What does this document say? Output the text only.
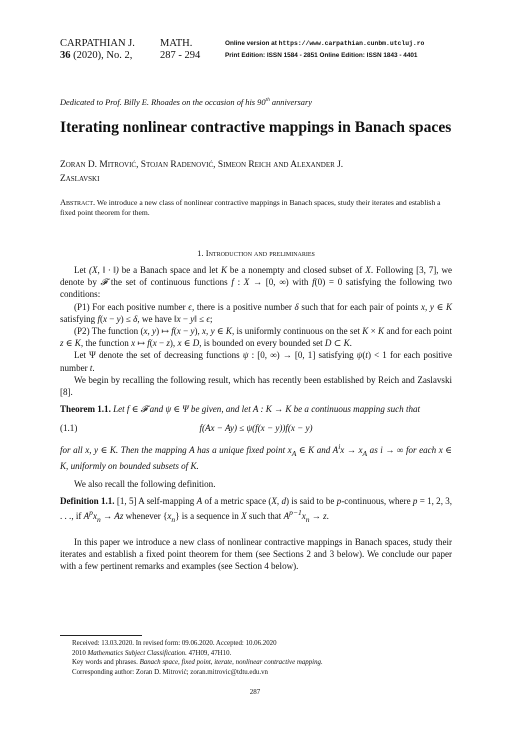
CARPATHIAN J.
36 (2020), No. 2,
MATH.
287 - 294
Online version at https://www.carpathian.cunbm.utcluj.ro
Print Edition: ISSN 1584 - 2851 Online Edition: ISSN 1843 - 4401
Dedicated to Prof. Billy E. Rhoades on the occasion of his 90th anniversary
Iterating nonlinear contractive mappings in Banach spaces
Zoran D. Mitrović, Stojan Radenović, Simeon Reich and Alexander J.
Zaslavski
Abstract. We introduce a new class of nonlinear contractive mappings in Banach spaces, study their iterates and establish a fixed point theorem for them.
1. Introduction and preliminaries

Let (X, ‖ · ‖) be a Banach space and let K be a nonempty and closed subset of X. Following [3, 7], we denote by 𝓕 the set of continuous functions f : X → [0, ∞) with f(0) = 0 satisfying the following two conditions:

(P1) For each positive number ϵ, there is a positive number δ such that for each pair of points x, y ∈ K satisfying f(x − y) ≤ δ, we have ‖x − y‖ ≤ ϵ;

(P2) The function (x, y) ↦ f(x − y), x, y ∈ K, is uniformly continuous on the set K × K and for each point z ∈ K, the function x ↦ f(x − z), x ∈ D, is bounded on every bounded set D ⊂ K.

Let Ψ denote the set of decreasing functions ψ : [0, ∞) → [0, 1] satisfying ψ(t) < 1 for each positive number t.

We begin by recalling the following result, which has recently been established by Reich and Zaslavski [8].

Theorem 1.1. Let f ∈ 𝓕 and ψ ∈ Ψ be given, and let A : K → K be a continuous mapping such that

(1.1)	f(Ax − Ay) ≤ ψ(f(x − y))f(x − y)

for all x, y ∈ K. Then the mapping A has a unique fixed point $x_A$ ∈ K and $A^ix \to x_A$ as i → ∞ for each x ∈ K, uniformly on bounded subsets of K.

We also recall the following definition.

Definition 1.1. [1, 5] A self-mapping A of a metric space (X, d) is said to be p-continuous, where p = 1, 2, 3, . . ., if $A^px_n \to Az$ whenever $\{x_n\}$ is a sequence in X such that $A^{p-1}x_n \to z$.

In this paper we introduce a new class of nonlinear contractive mappings in Banach spaces, study their iterates and establish a fixed point theorem for them (see Sections 2 and 3 below). We conclude our paper with a few pertinent remarks and examples (see Section 4 below).

Received: 13.03.2020. In revised form: 09.06.2020. Accepted: 10.06.2020
2010 Mathematics Subject Classification. 47H09, 47H10.
Key words and phrases. Banach space, fixed point, iterate, nonlinear contractive mapping.
Corresponding author: Zoran D. Mitrović; zoran.mitrovic@tdtu.edu.vn
287
